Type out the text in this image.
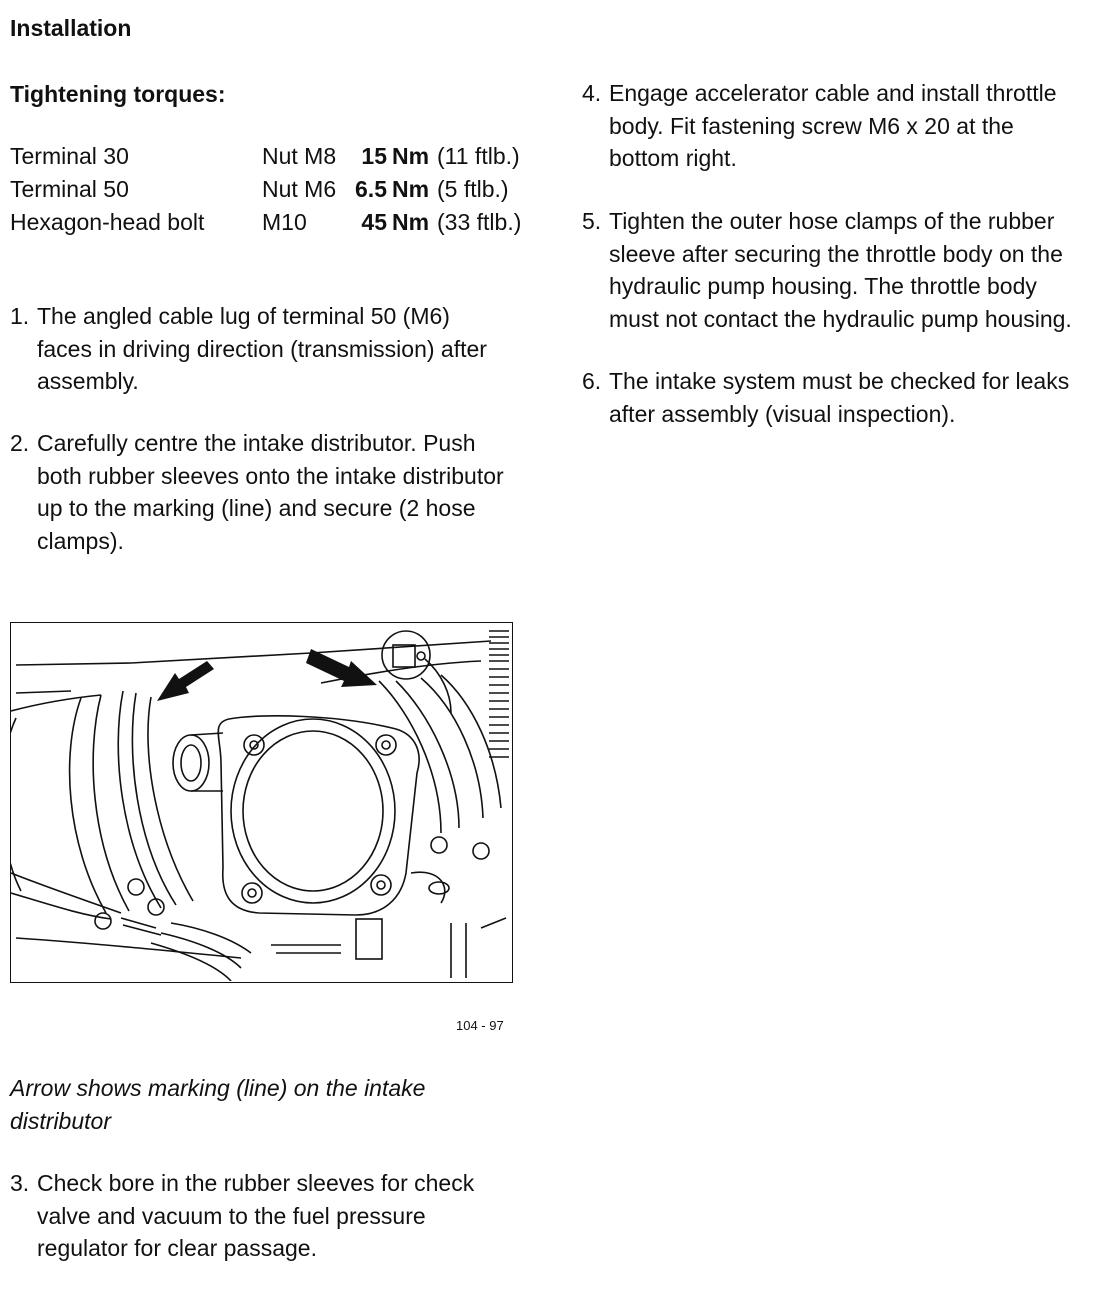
Installation
Tightening torques:
Terminal 30	Nut M8	15 Nm (11 ftlb.)
Terminal 50	Nut M6 6.5 Nm (5 ftlb.)
Hexagon-head bolt	M10	45 Nm (33 ftlb.)
1. The angled cable lug of terminal 50 (M6)
faces in driving direction (transmission) after
assembly.
2. Carefully centre the intake distributor. Push
both rubber sleeves onto the intake distributor
up to the marking (line) and secure (2 hose
clamps).
104 - 97
Arrow shows marking (line) on the intake
distributor
3. Check bore in the rubber sleeves for check
valve and vacuum to the fuel pressure
regulator for clear passage.
4. Engage accelerator cable and install throttle
body. Fit fastening screw M6 x 20 at the
bottom right.
5. Tighten the outer hose clamps of the rubber
sleeve after securing the throttle body on the
hydraulic pump housing. The throttle body
must not contact the hydraulic pump housing.
6. The intake system must be checked for leaks
after assembly (visual inspection).
